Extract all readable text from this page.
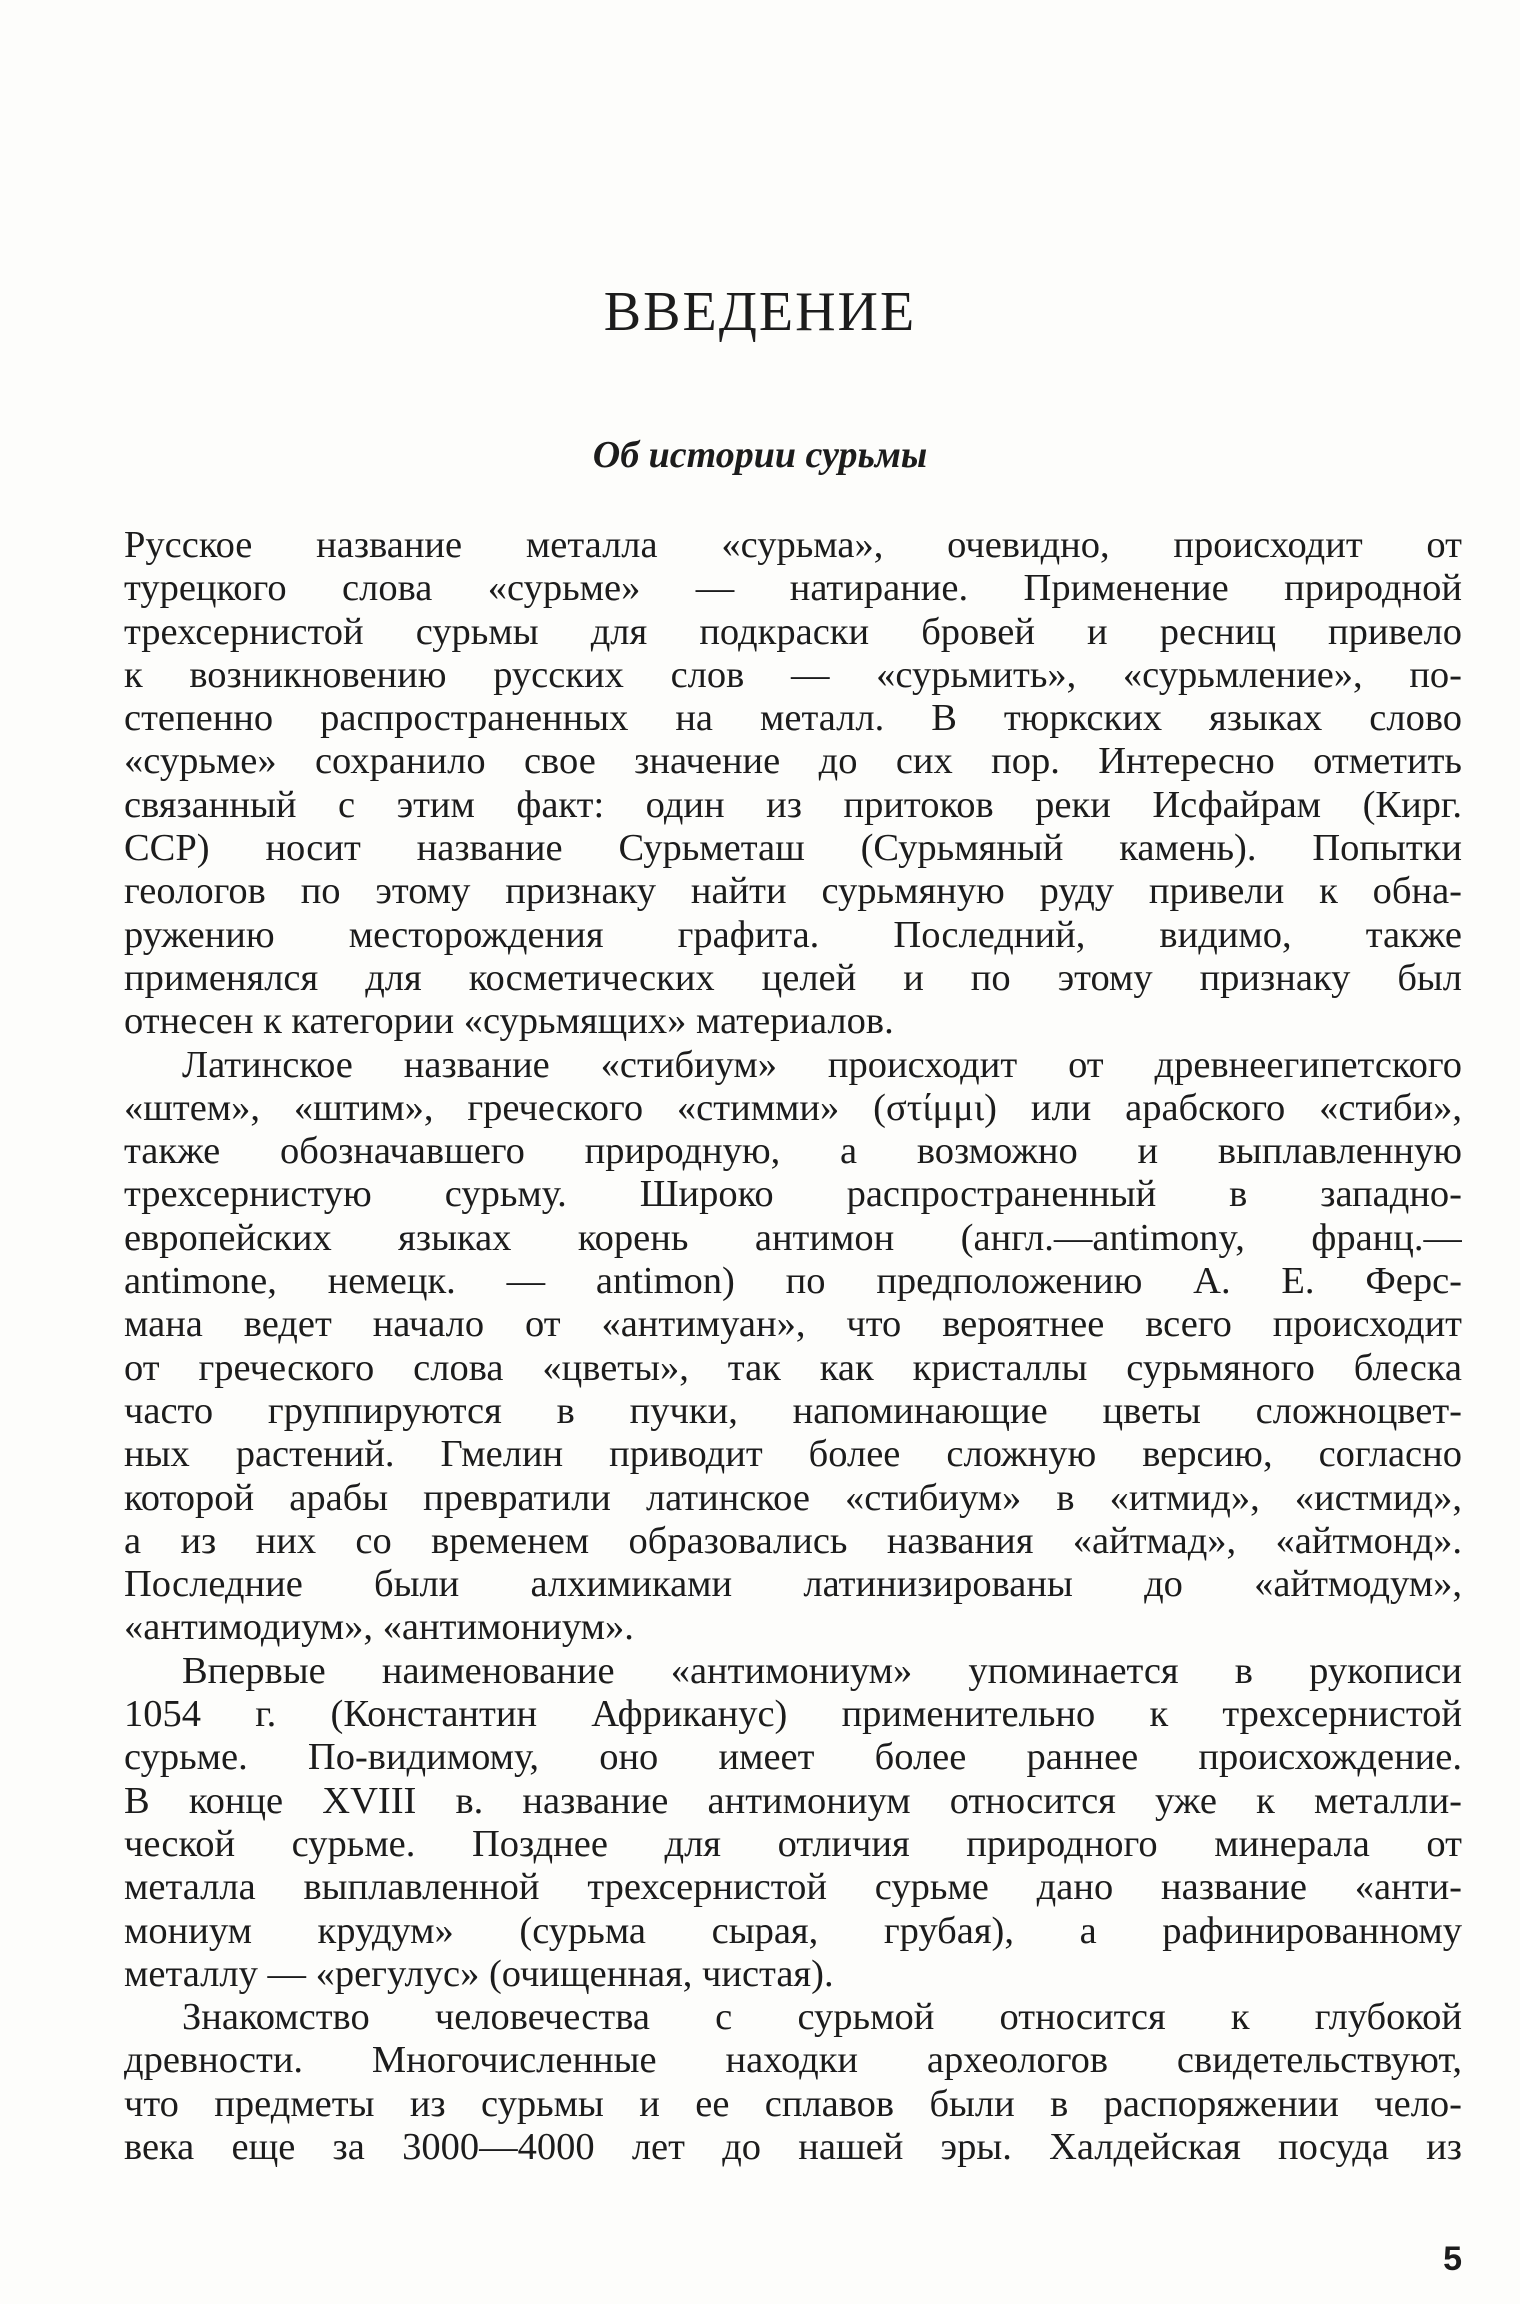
ВВЕДЕНИЕ
Об истории сурьмы
Русское название металла «сурьма», очевидно, происходит от
турецкого слова «сурьме» — натирание. Применение природной
трехсернистой сурьмы для подкраски бровей и ресниц привело
к возникновению русских слов — «сурьмить», «сурьмление», по-
степенно распространенных на металл. В тюркских языках слово
«сурьме» сохранило свое значение до сих пор. Интересно отметить
связанный с этим факт: один из притоков реки Исфайрам (Кирг.
ССР) носит название Сурьметаш (Сурьмяный камень). Попытки
геологов по этому признаку найти сурьмяную руду привели к обна-
ружению месторождения графита. Последний, видимо, также
применялся для косметических целей и по этому признаку был
отнесен к категории «сурьмящих» материалов.
Латинское название «стибиум» происходит от древнеегипетского
«штем», «штим», греческого «стимми» (στίμμι) или арабского «стиби»,
также обозначавшего природную, а возможно и выплавленную
трехсернистую сурьму. Широко распространенный в западно-
европейских языках корень антимон (англ.—antimony, франц.—
antimone, немецк. — antimon) по предположению А. Е. Ферс-
мана ведет начало от «антимуан», что вероятнее всего происходит
от греческого слова «цветы», так как кристаллы сурьмяного блеска
часто группируются в пучки, напоминающие цветы сложноцвет-
ных растений. Гмелин приводит более сложную версию, согласно
которой арабы превратили латинское «стибиум» в «итмид», «истмид»,
а из них со временем образовались названия «айтмад», «айтмонд».
Последние были алхимиками латинизированы до «айтмодум»,
«антимодиум», «антимониум».
Впервые наименование «антимониум» упоминается в рукописи
1054 г. (Константин Африканус) применительно к трехсернистой
сурьме. По-видимому, оно имеет более раннее происхождение.
В конце XVIII в. название антимониум относится уже к металли-
ческой сурьме. Позднее для отличия природного минерала от
металла выплавленной трехсернистой сурьме дано название «анти-
мониум крудум» (сурьма сырая, грубая), а рафинированному
металлу — «регулус» (очищенная, чистая).
Знакомство человечества с сурьмой относится к глубокой
древности. Многочисленные находки археологов свидетельствуют,
что предметы из сурьмы и ее сплавов были в распоряжении чело-
века еще за 3000—4000 лет до нашей эры. Халдейская посуда из
5
